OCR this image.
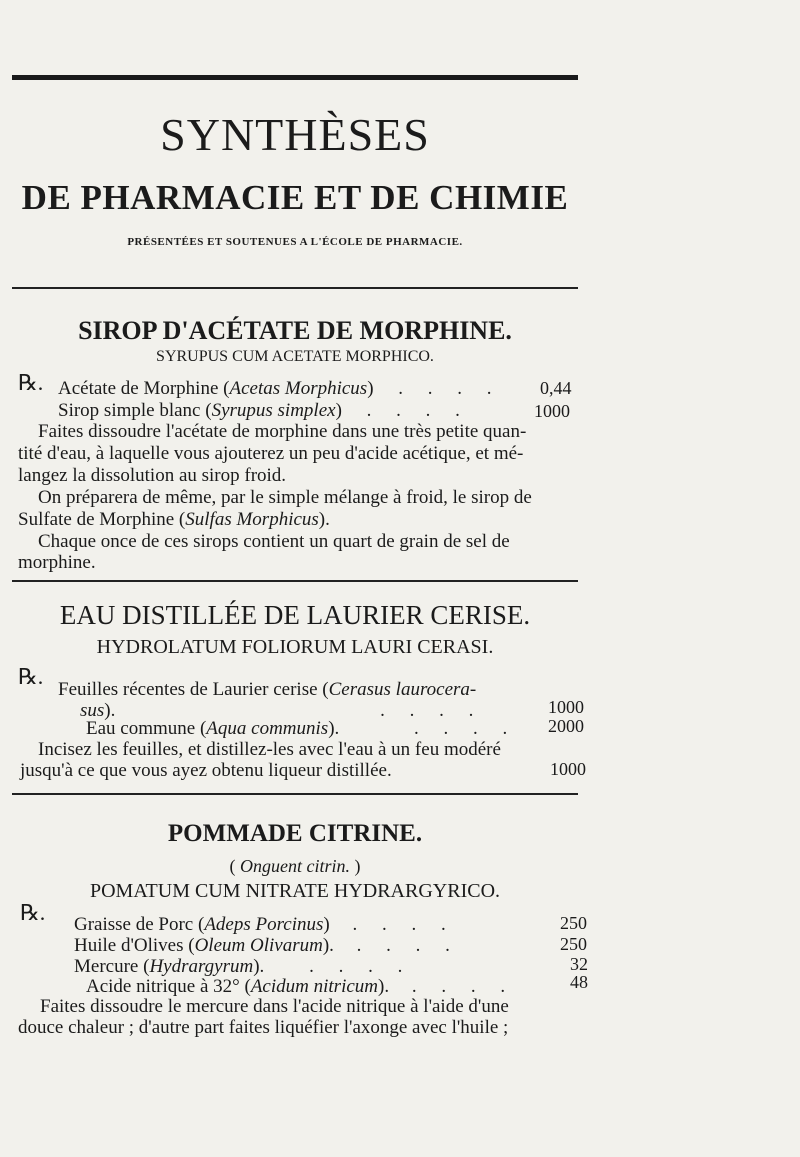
SYNTHÈSES
DE PHARMACIE ET DE CHIMIE
PRÉSENTÉES ET SOUTENUES A L'ÉCOLE DE PHARMACIE.
SIROP D'ACÉTATE DE MORPHINE.
SYRUPUS CUM ACETATE MORPHICO.
℞. Acétate de Morphine (Acetas Morphicus) . . . . 0,44
Sirop simple blanc (Syrupus simplex) . . . .	1000
Faites dissoudre l'acétate de morphine dans une très petite quan-
tité d'eau, à laquelle vous ajouterez un peu d'acide acétique, et mé-
langez la dissolution au sirop froid.
On préparera de même, par le simple mélange à froid, le sirop de
Sulfate de Morphine (Sulfas Morphicus).
Chaque once de ces sirops contient un quart de grain de sel de
morphine.
EAU DISTILLÉE DE LAURIER CERISE.
HYDROLATUM FOLIORUM LAURI CERASI.
℞.
Feuilles récentes de Laurier cerise (Cerasus laurocera-
sus).	. . . .	1000
Eau commune (Aqua communis).	. . . . 2000
Incisez les feuilles, et distillez-les avec l'eau à un feu modéré
jusqu'à ce que vous ayez obtenu liqueur distillée.	1000
POMMADE CITRINE.
( Onguent citrin. )
POMATUM CUM NITRATE HYDRARGYRICO.
℞. Graisse de Porc (Adeps Porcinus) . . . .	250
Huile d'Olives (Oleum Olivarum). . . . .	250
Mercure (Hydrargyrum). . . . .	32
Acide nitrique à 32° (Acidum nitricum). . . . .	48
Faites dissoudre le mercure dans l'acide nitrique à l'aide d'une
douce chaleur ; d'autre part faites liquéfier l'axonge avec l'huile ;
